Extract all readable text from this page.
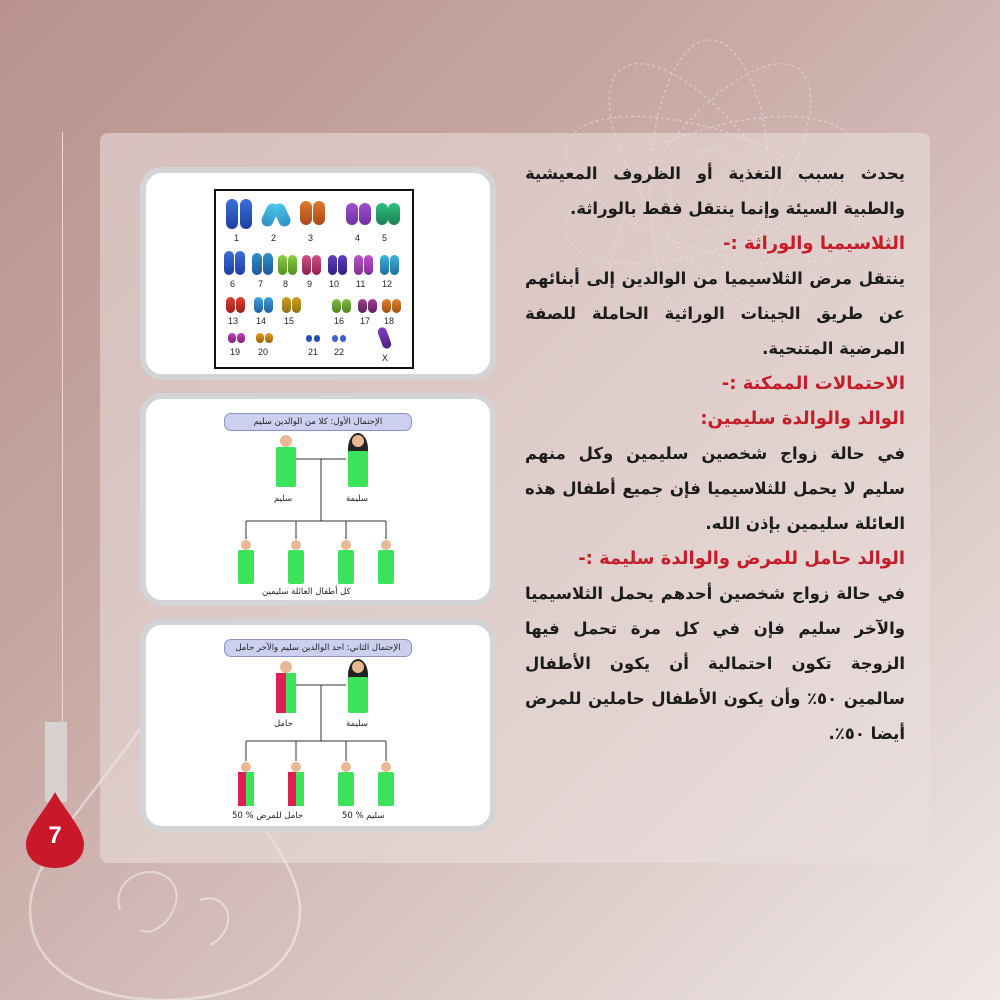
7
1	2	3	4 5
6	7 8 9 10 11 12
13 14 15	16 17 18
19 20	21 22
X
الإحتمال الأول: كلا من الوالدين سليم
سليم	سليمة
كل أطفال العائلة سليمين
الإحتمال الثاني: احد الوالدين سليم والآخر حامل
حامل	سليمة
50 % حامل للمرض	50 % سليم

يحدث بسبب التغذية أو الظروف المعيشية والطبية السيئة وإنما ينتقل فقط بالوراثة.

الثلاسيميا والوراثة :-

ينتقل مرض الثلاسيميا من الوالدين إلى أبنائهم عن طريق الجينات الوراثية الحاملة للصفة المرضية المتنحية.

الاحتمالات الممكنة :-

الوالد والوالدة سليمين:

في حالة زواج شخصين سليمين وكل منهم سليم لا يحمل للثلاسيميا فإن جميع أطفال هذه العائلة سليمين بإذن الله.

الوالد حامل للمرض والوالدة سليمة :-

في حالة زواج شخصين أحدهم يحمل الثلاسيميا والآخر سليم فإن في كل مرة تحمل فيها الزوجة تكون احتمالية أن يكون الأطفال سالمين ٥٠٪ وأن يكون الأطفال حاملين للمرض أيضا ٥٠٪.
